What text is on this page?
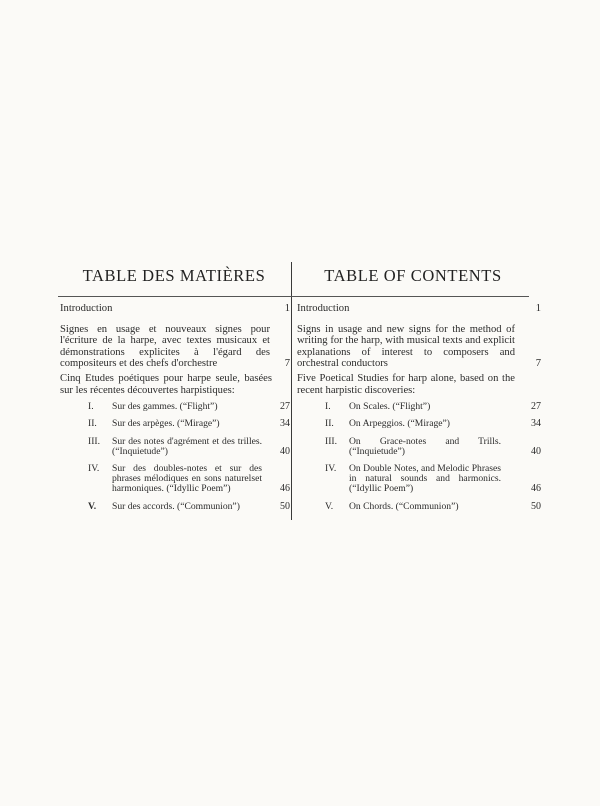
TABLE DES MATIÈRES
Introduction	1
Signes en usage et nouveaux signes pour l'écriture de la harpe, avec textes musicaux et démonstrations explicites à l'égard des compositeurs et des chefs d'orchestre	7
Cinq Etudes poétiques pour harpe seule, basées sur les récentes découvertes harpistiques:
I. Sur des gammes. (“Flight”)	27
II. Sur des arpèges. (“Mirage”)	34
III. Sur des notes d'agrément et des trilles. (“Inquietude”)	40
IV. Sur des doubles-notes et sur des phrases mélodiques en sons naturelset harmoniques. (“Idyllic Poem”)	46
V. Sur des accords. (“Communion”)	50
TABLE OF CONTENTS
Introduction	1
Signs in usage and new signs for the method of writing for the harp, with musical texts and explicit explanations of interest to composers and orchestral conductors	7
Five Poetical Studies for harp alone, based on the recent harpistic discoveries:
I. On Scales. (“Flight”)	27
II. On Arpeggios. (“Mirage”)	34
III. On Grace-notes and Trills. (“Inquietude”)	40
IV. On Double Notes, and Melodic Phrases in natural sounds and harmonics. (“Idyllic Poem”)	46
V. On Chords. (“Communion”)	50
